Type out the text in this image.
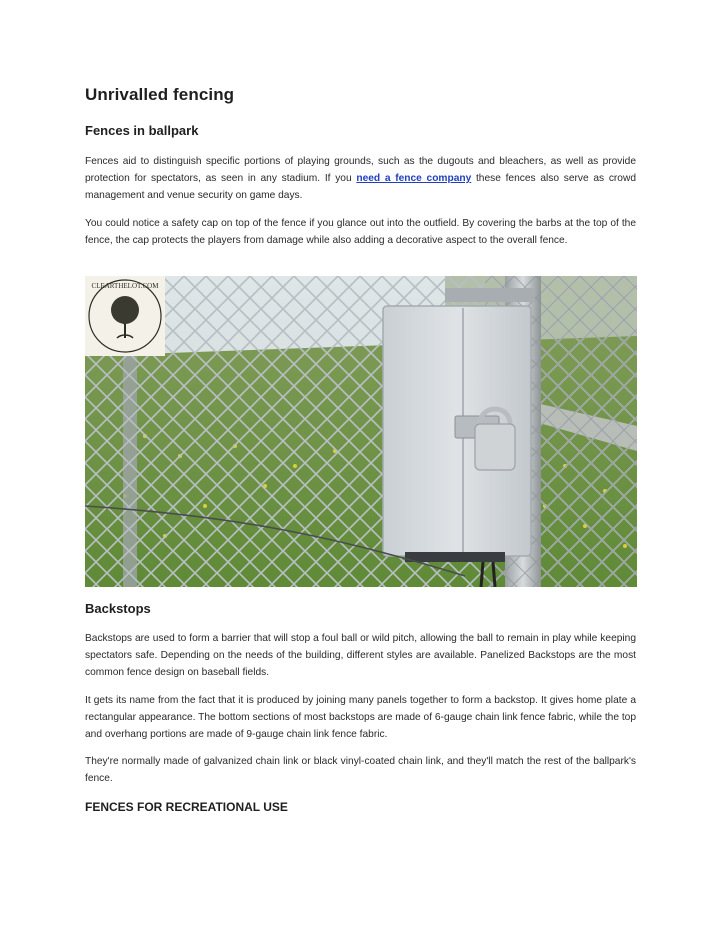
Unrivalled fencing
Fences in ballpark

Fences aid to distinguish specific portions of playing grounds, such as the dugouts and bleachers, as well as provide protection for spectators, as seen in any stadium. If you need a fence company these fences also serve as crowd management and venue security on game days.

You could notice a safety cap on top of the fence if you glance out into the outfield. By covering the barbs at the top of the fence, the cap protects the players from damage while also adding a decorative aspect to the overall fence.

CLEARTHELOT.COM
Backstops

Backstops are used to form a barrier that will stop a foul ball or wild pitch, allowing the ball to remain in play while keeping spectators safe. Depending on the needs of the building, different styles are available. Panelized Backstops are the most common fence design on baseball fields.

It gets its name from the fact that it is produced by joining many panels together to form a backstop. It gives home plate a rectangular appearance. The bottom sections of most backstops are made of 6-gauge chain link fence fabric, while the top and overhang portions are made of 9-gauge chain link fence fabric.

They're normally made of galvanized chain link or black vinyl-coated chain link, and they'll match the rest of the ballpark's fence.

FENCES FOR RECREATIONAL USE
